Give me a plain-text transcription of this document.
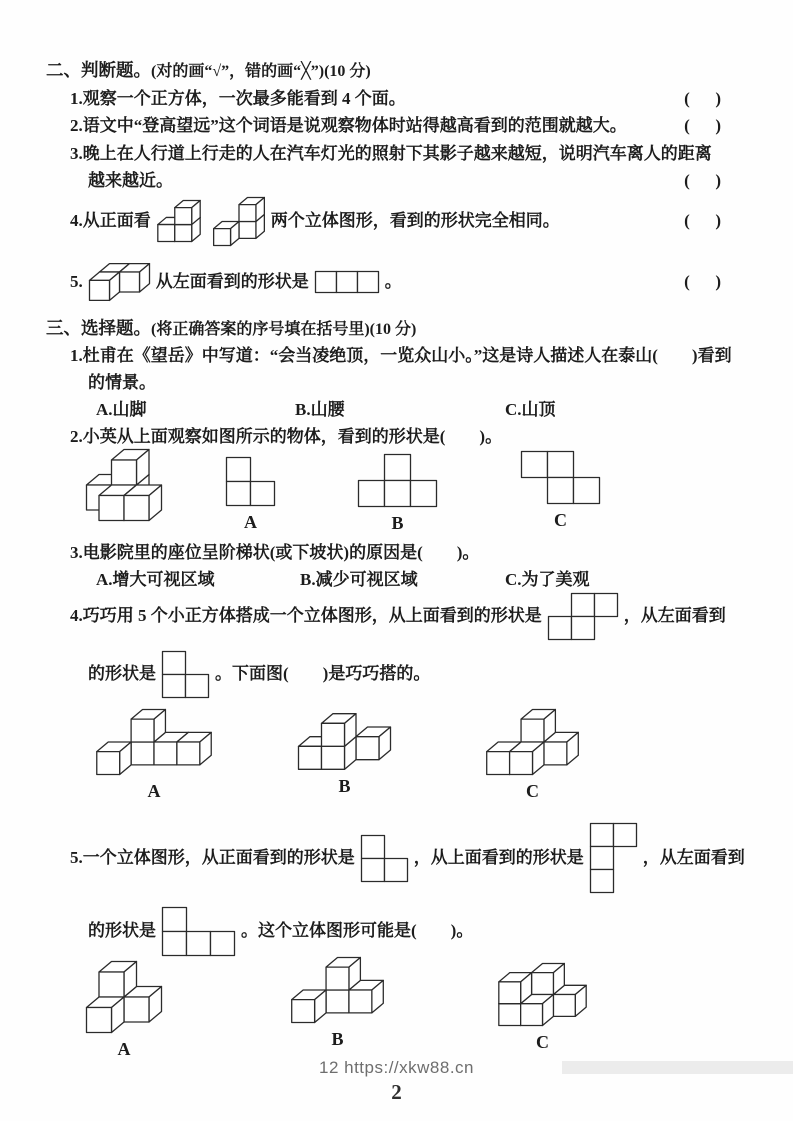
二、判断题。(对的画“√”，错的画“╳”)(10 分)
1.观察一个正方体，一次最多能看到 4 个面。	(      )
2.语文中“登高望远”这个词语是说观察物体时站得越高看到的范围就越大。	(      )
3.晚上在人行道上行走的人在汽车灯光的照射下其影子越来越短，说明汽车离人的距离
越来越近。	(      )
4.从正面看	两个立体图形，看到的形状完全相同。	(      )
5.	从左面看到的形状是	。	(      )
三、选择题。(将正确答案的序号填在括号里)(10 分)
1.杜甫在《望岳》中写道：“会当凌绝顶，一览众山小。”这是诗人描述人在泰山(　　)看到
的情景。
A.山脚	B.山腰	C.山顶
2.小英从上面观察如图所示的物体，看到的形状是(　　)。
A	B	C
3.电影院里的座位呈阶梯状(或下坡状)的原因是(　　)。
A.增大可视区域	B.减少可视区域	C.为了美观
4.巧巧用 5 个小正方体搭成一个立体图形，从上面看到的形状是	，从左面看到
的形状是	。下面图(　　)是巧巧搭的。
A	B	C
5.一个立体图形，从正面看到的形状是	，从上面看到的形状是	，从左面看到
的形状是	。这个立体图形可能是(　　)。
A	B	C
12 https://xkw88.cn
2
